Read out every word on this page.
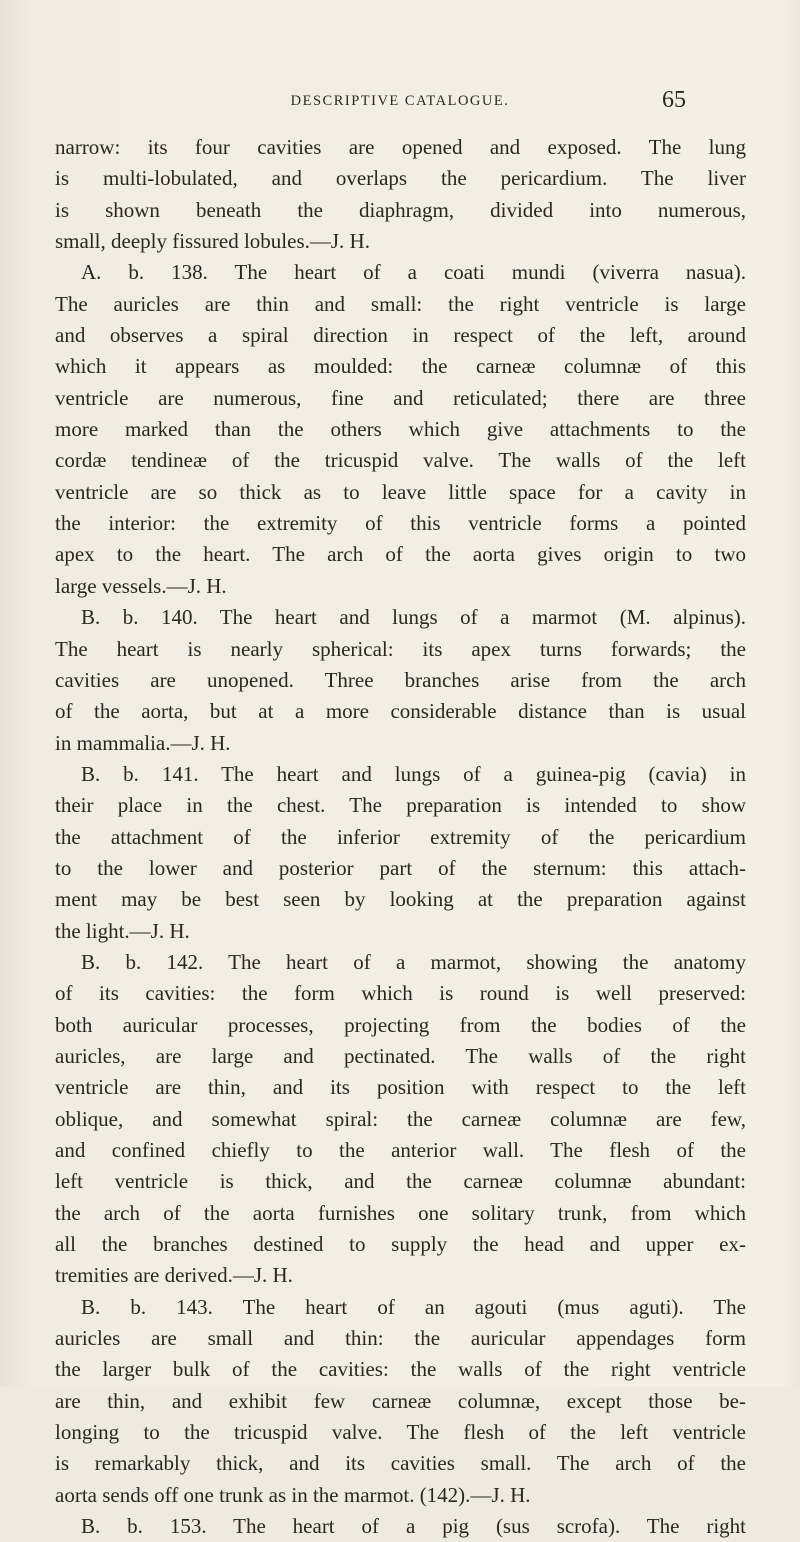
DESCRIPTIVE CATALOGUE.	65
narrow: its four cavities are opened and exposed. The lung
is multi-lobulated, and overlaps the pericardium. The liver
is shown beneath the diaphragm, divided into numerous,
small, deeply fissured lobules.—J. H.
A. b. 138. The heart of a coati mundi (viverra nasua).
The auricles are thin and small: the right ventricle is large
and observes a spiral direction in respect of the left, around
which it appears as moulded: the carneæ columnæ of this
ventricle are numerous, fine and reticulated; there are three
more marked than the others which give attachments to the
cordæ tendineæ of the tricuspid valve. The walls of the left
ventricle are so thick as to leave little space for a cavity in
the interior: the extremity of this ventricle forms a pointed
apex to the heart. The arch of the aorta gives origin to two
large vessels.—J. H.
B. b. 140. The heart and lungs of a marmot (M. alpinus).
The heart is nearly spherical: its apex turns forwards; the
cavities are unopened. Three branches arise from the arch
of the aorta, but at a more considerable distance than is usual
in mammalia.—J. H.
B. b. 141. The heart and lungs of a guinea-pig (cavia) in
their place in the chest. The preparation is intended to show
the attachment of the inferior extremity of the pericardium
to the lower and posterior part of the sternum: this attach-
ment may be best seen by looking at the preparation against
the light.—J. H.
B. b. 142. The heart of a marmot, showing the anatomy
of its cavities: the form which is round is well preserved:
both auricular processes, projecting from the bodies of the
auricles, are large and pectinated. The walls of the right
ventricle are thin, and its position with respect to the left
oblique, and somewhat spiral: the carneæ columnæ are few,
and confined chiefly to the anterior wall. The flesh of the
left ventricle is thick, and the carneæ columnæ abundant:
the arch of the aorta furnishes one solitary trunk, from which
all the branches destined to supply the head and upper ex-
tremities are derived.—J. H.
B. b. 143. The heart of an agouti (mus aguti). The
auricles are small and thin: the auricular appendages form
the larger bulk of the cavities: the walls of the right ventricle
are thin, and exhibit few carneæ columnæ, except those be-
longing to the tricuspid valve. The flesh of the left ventricle
is remarkably thick, and its cavities small. The arch of the
aorta sends off one trunk as in the marmot. (142).—J. H.
B. b. 153. The heart of a pig (sus scrofa). The right
